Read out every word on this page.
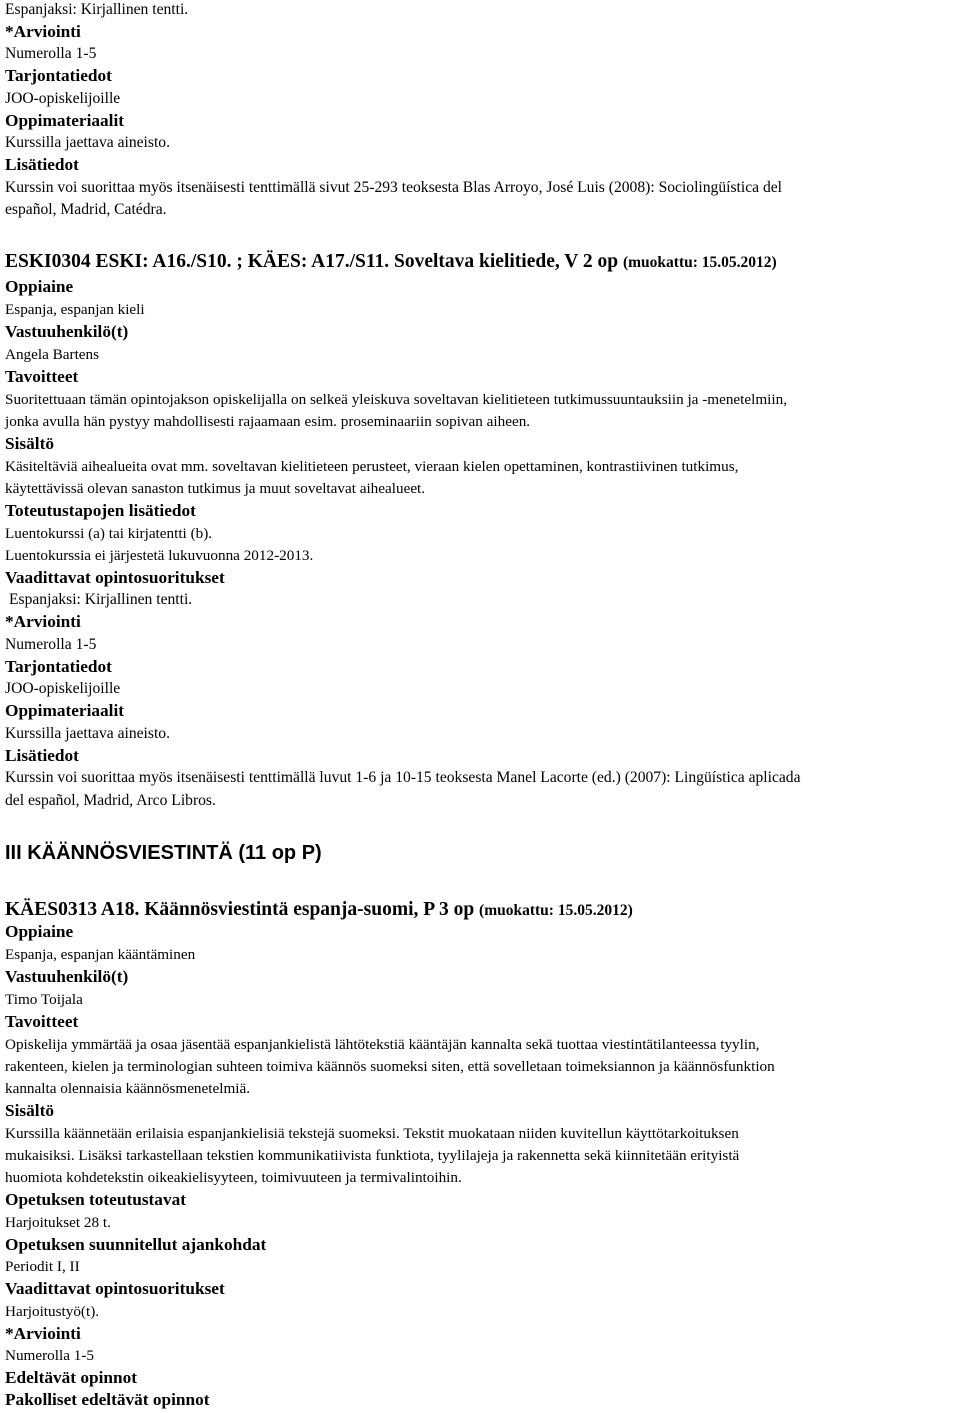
Espanjaksi: Kirjallinen tentti.

*Arviointi

Numerolla 1-5

Tarjontatiedot

JOO-opiskelijoille

Oppimateriaalit

Kurssilla jaettava aineisto.

Lisätiedot

Kurssin voi suorittaa myös itsenäisesti tenttimällä sivut 25-293 teoksesta Blas Arroyo, José Luis (2008): Sociolingüística del

español, Madrid, Catédra.

ESKI0304 ESKI: A16./S10. ; KÄES: A17./S11. Soveltava kielitiede, V 2 op (muokattu: 15.05.2012)

Oppiaine

Espanja, espanjan kieli

Vastuuhenkilö(t)

Angela Bartens

Tavoitteet

Suoritettuaan tämän opintojakson opiskelijalla on selkeä yleiskuva soveltavan kielitieteen tutkimussuuntauksiin ja -menetelmiin,

jonka avulla hän pystyy mahdollisesti rajaamaan esim. proseminaariin sopivan aiheen.

Sisältö

Käsiteltäviä aihealueita ovat mm. soveltavan kielitieteen perusteet, vieraan kielen opettaminen, kontrastiivinen tutkimus,

käytettävissä olevan sanaston tutkimus ja muut soveltavat aihealueet.

Toteutustapojen lisätiedot

Luentokurssi (a) tai kirjatentti (b).

Luentokurssia ei järjestetä lukuvuonna 2012-2013.

Vaadittavat opintosuoritukset

Espanjaksi: Kirjallinen tentti.

*Arviointi

Numerolla 1-5

Tarjontatiedot

JOO-opiskelijoille

Oppimateriaalit

Kurssilla jaettava aineisto.

Lisätiedot

Kurssin voi suorittaa myös itsenäisesti tenttimällä luvut 1-6 ja 10-15 teoksesta Manel Lacorte (ed.) (2007): Lingüística aplicada

del español, Madrid, Arco Libros.

III KÄÄNNÖSVIESTINTÄ (11 op P)

KÄES0313 A18. Käännösviestintä espanja-suomi, P 3 op (muokattu: 15.05.2012)

Oppiaine

Espanja, espanjan kääntäminen

Vastuuhenkilö(t)

Timo Toijala

Tavoitteet

Opiskelija ymmärtää ja osaa jäsentää espanjankielistä lähtötekstiä kääntäjän kannalta sekä tuottaa viestintätilanteessa tyylin,

rakenteen, kielen ja terminologian suhteen toimiva käännös suomeksi siten, että sovelletaan toimeksiannon ja käännösfunktion

kannalta olennaisia käännösmenetelmiä.

Sisältö

Kurssilla käännetään erilaisia espanjankielisiä tekstejä suomeksi. Tekstit muokataan niiden kuvitellun käyttötarkoituksen

mukaisiksi. Lisäksi tarkastellaan tekstien kommunikatiivista funktiota, tyylilajeja ja rakennetta sekä kiinnitetään erityistä

huomiota kohdetekstin oikeakielisyyteen, toimivuuteen ja termivalintoihin.

Opetuksen toteutustavat

Harjoitukset 28 t.

Opetuksen suunnitellut ajankohdat

Periodit I, II

Vaadittavat opintosuoritukset

Harjoitustyö(t).

*Arviointi

Numerolla 1-5

Edeltävät opinnot

Pakolliset edeltävät opinnot
